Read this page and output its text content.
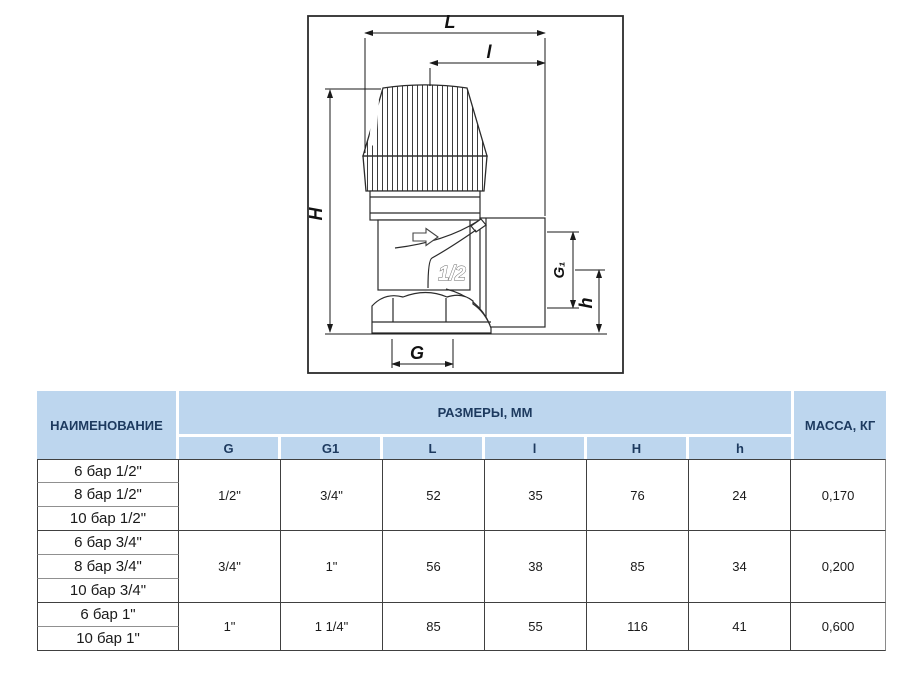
L
l
H
G₁
h
G
1/2
НАИМЕНОВАНИЕ	РАЗМЕРЫ, ММ						МАССА, КГ
	G	G1	L	l	H	h	
6 бар 1/2"	1/2"	3/4"	52	35	76	24	0,170
8 бар 1/2"							
10 бар 1/2"							
6 бар 3/4"	3/4"	1"	56	38	85	34	0,200
8 бар 3/4"							
10 бар 3/4"							
6 бар 1"	1"	1 1/4"	85	55	116	41	0,600
10 бар 1"							
